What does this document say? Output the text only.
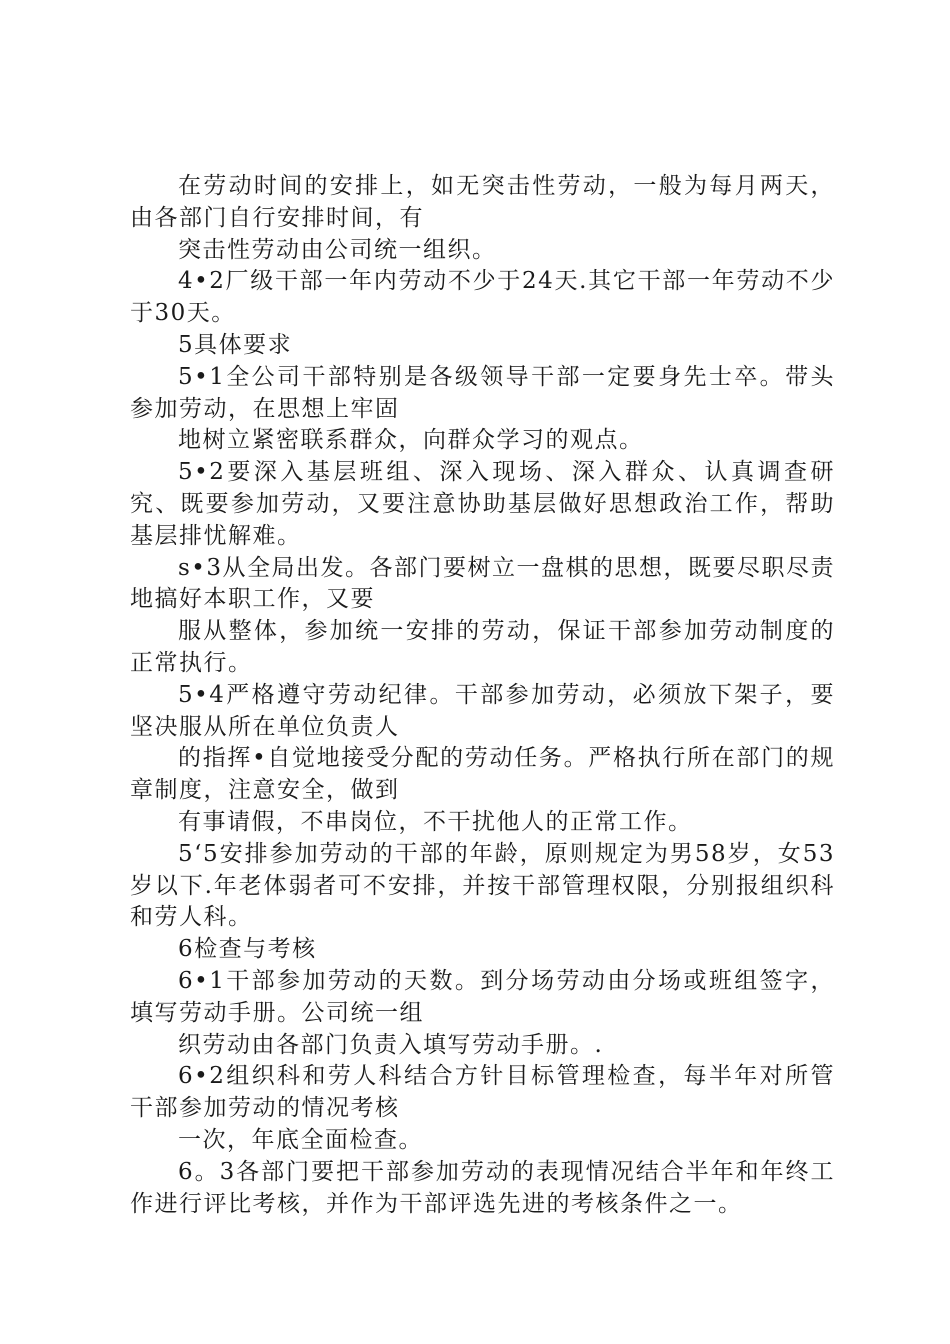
在劳动时间的安排上，如无突击性劳动，一般为每月两天，由各部门自行安排时间，有

突击性劳动由公司统一组织。

4•2厂级干部一年内劳动不少于24天.其它干部一年劳动不少于30天。

5具体要求

5•1全公司干部特别是各级领导干部一定要身先士卒。带头参加劳动，在思想上牢固

地树立紧密联系群众，向群众学习的观点。

5•2要深入基层班组、深入现场、深入群众、认真调查研究、既要参加劳动，又要注意协助基层做好思想政治工作，帮助基层排忧解难。

s•3从全局出发。各部门要树立一盘棋的思想，既要尽职尽责地搞好本职工作，又要

服从整体，参加统一安排的劳动，保证干部参加劳动制度的正常执行。

5•4严格遵守劳动纪律。干部参加劳动，必须放下架子，要坚决服从所在单位负责人

的指挥•自觉地接受分配的劳动任务。严格执行所在部门的规章制度，注意安全，做到

有事请假，不串岗位，不干扰他人的正常工作。

5‘5安排参加劳动的干部的年龄，原则规定为男58岁，女53岁以下.年老体弱者可不安排，并按干部管理权限，分别报组织科和劳人科。

6检查与考核

6•1干部参加劳动的天数。到分场劳动由分场或班组签字，填写劳动手册。公司统一组

织劳动由各部门负责入填写劳动手册。.

6•2组织科和劳人科结合方针目标管理检查，每半年对所管干部参加劳动的情况考核

一次，年底全面检查。

6。3各部门要把干部参加劳动的表现情况结合半年和年终工作进行评比考核，并作为干部评选先进的考核条件之一。
